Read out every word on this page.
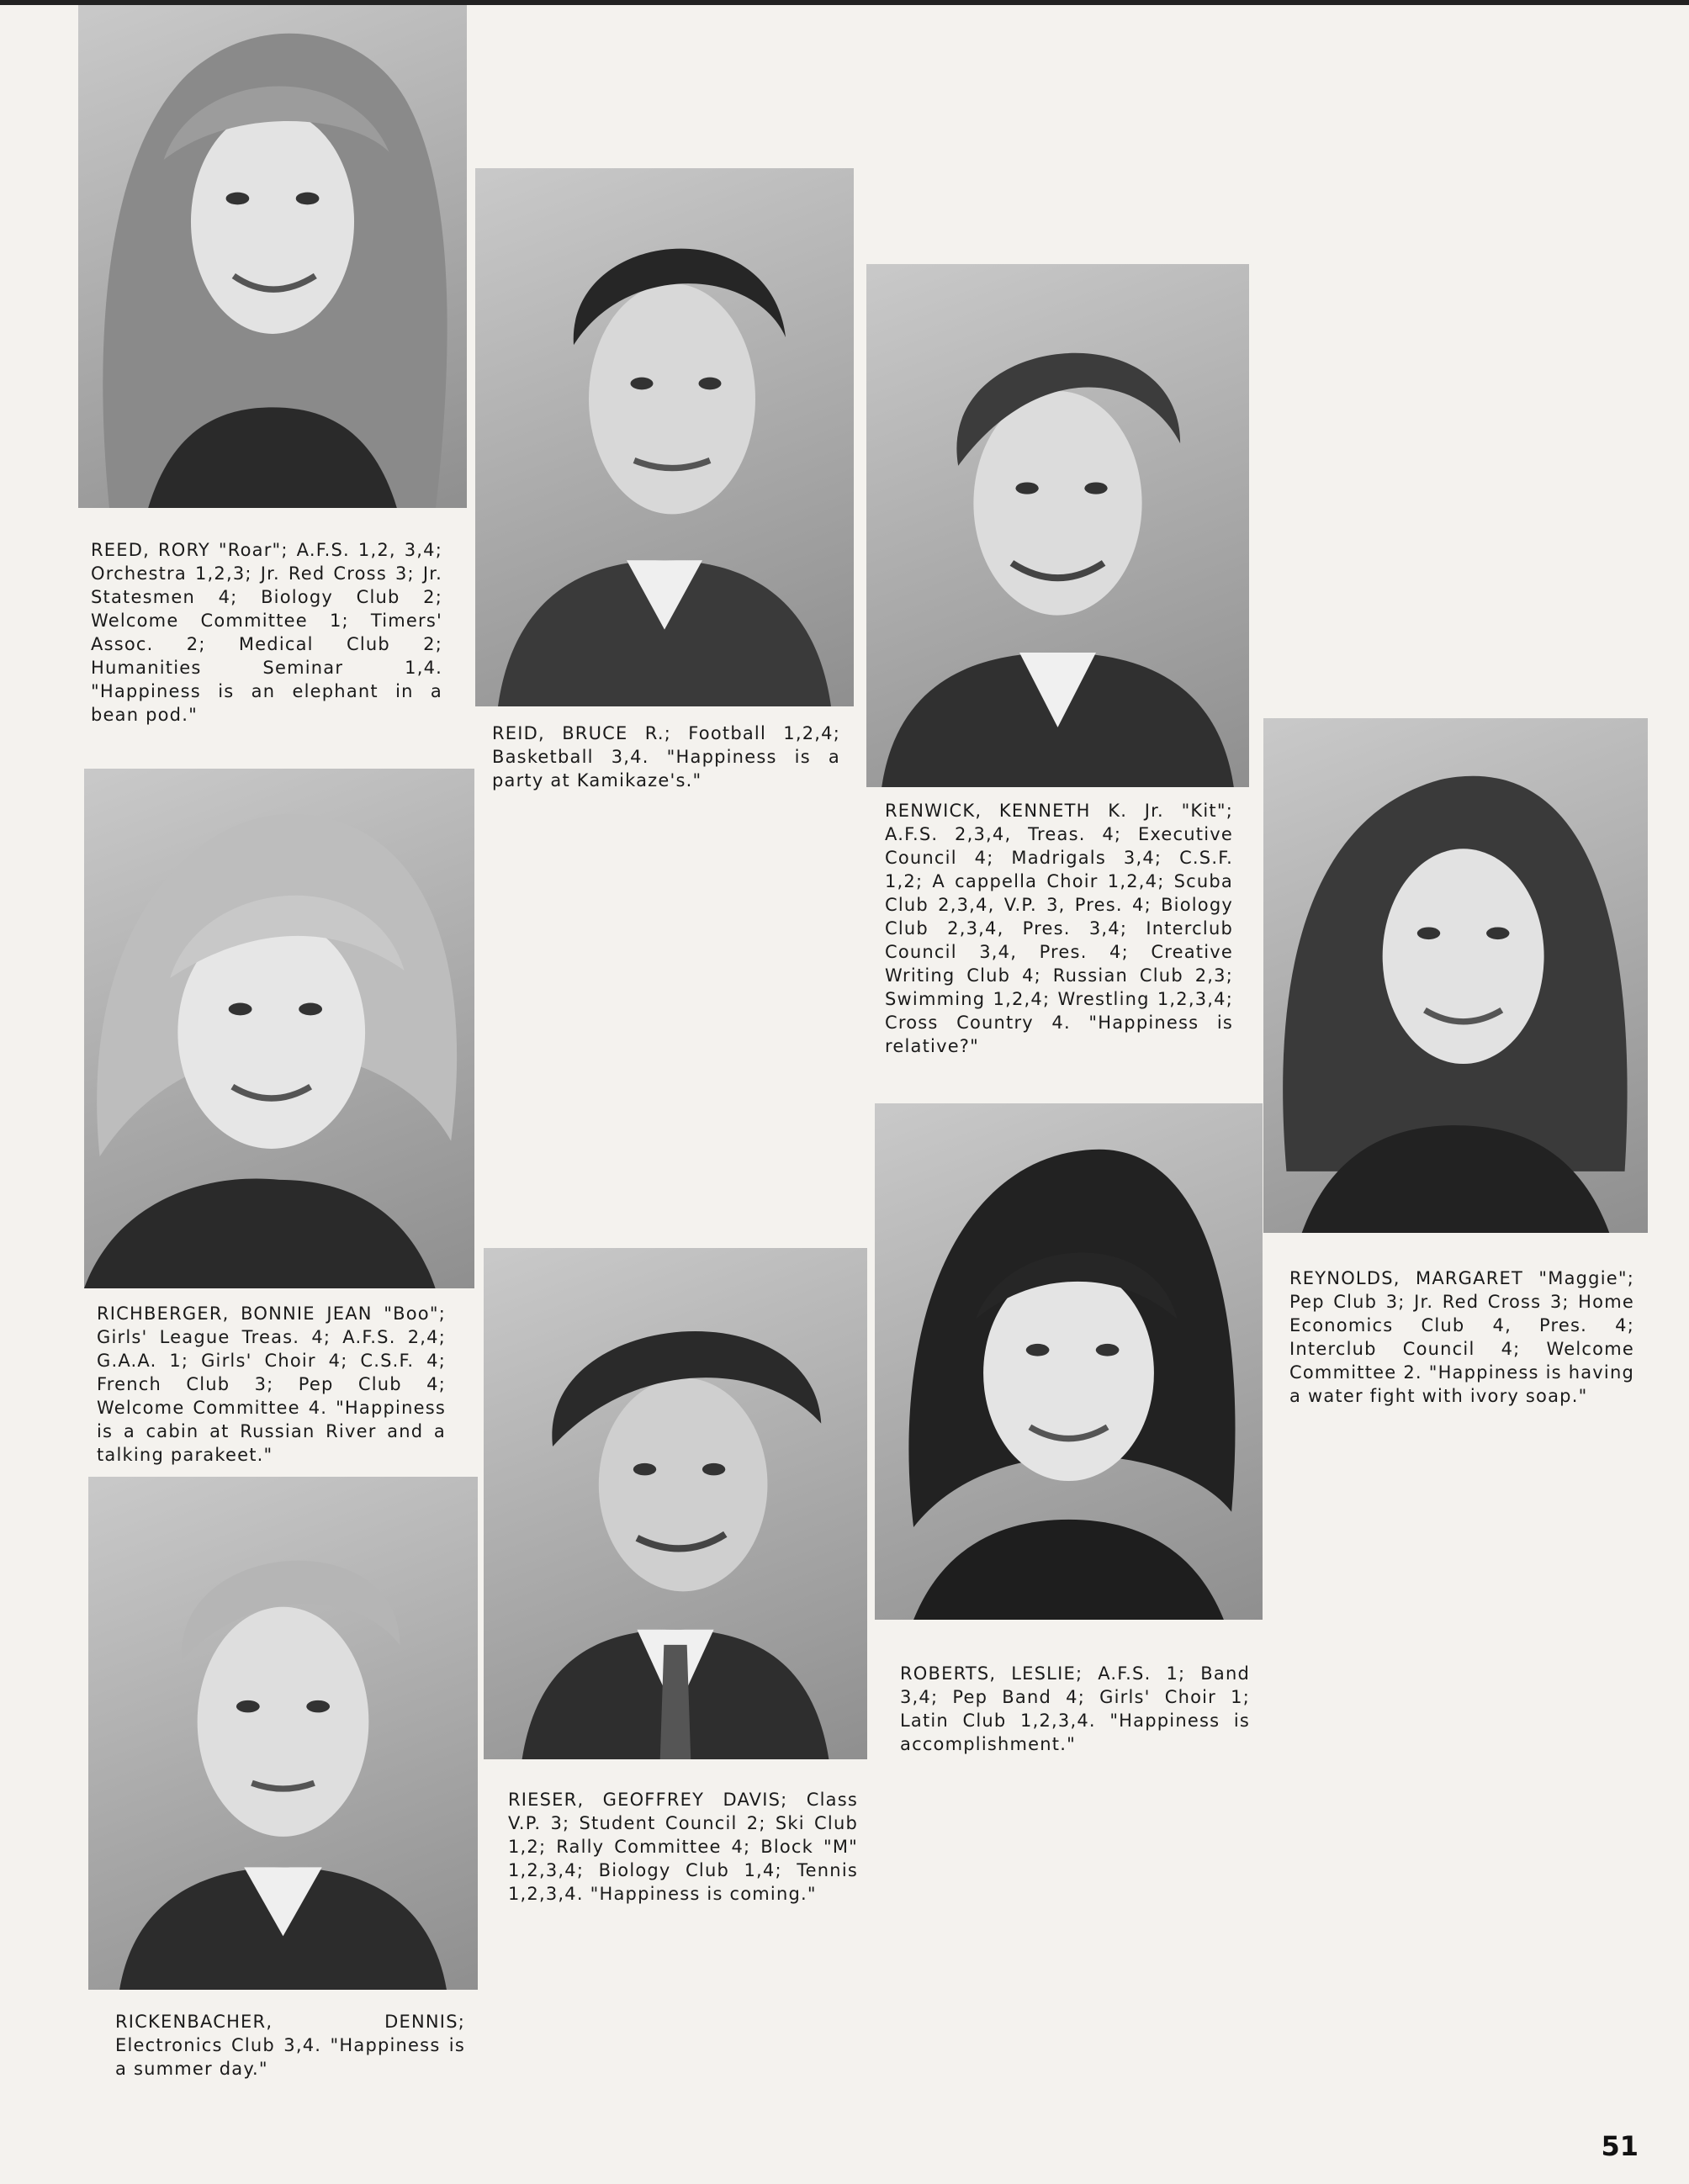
REED, RORY "Roar"; A.F.S. 1,2, 3,4; Orchestra 1,2,3; Jr. Red Cross 3; Jr. Statesmen 4; Biology Club 2; Welcome Committee 1; Timers' Assoc. 2; Medical Club 2; Humanities Seminar 1,4. "Happiness is an elephant in a bean pod."

REID, BRUCE R.; Football 1,2,4; Basketball 3,4. "Happiness is a party at Kamikaze's."

RENWICK, KENNETH K. Jr. "Kit"; A.F.S. 2,3,4, Treas. 4; Executive Council 4; Madrigals 3,4; C.S.F. 1,2; A cappella Choir 1,2,4; Scuba Club 2,3,4, V.P. 3, Pres. 4; Biology Club 2,3,4, Pres. 3,4; Interclub Council 3,4, Pres. 4; Creative Writing Club 4; Russian Club 2,3; Swimming 1,2,4; Wrestling 1,2,3,4; Cross Country 4. "Happiness is relative?"

REYNOLDS, MARGARET "Maggie"; Pep Club 3; Jr. Red Cross 3; Home Economics Club 4, Pres. 4; Interclub Council 4; Welcome Committee 2. "Happiness is having a water fight with ivory soap."

RICHBERGER, BONNIE JEAN "Boo"; Girls' League Treas. 4; A.F.S. 2,4; G.A.A. 1; Girls' Choir 4; C.S.F. 4; French Club 3; Pep Club 4; Welcome Committee 4. "Happiness is a cabin at Russian River and a talking parakeet."

RIESER, GEOFFREY DAVIS; Class V.P. 3; Student Council 2; Ski Club 1,2; Rally Committee 4; Block "M" 1,2,3,4; Biology Club 1,4; Tennis 1,2,3,4. "Happiness is coming."

ROBERTS, LESLIE; A.F.S. 1; Band 3,4; Pep Band 4; Girls' Choir 1; Latin Club 1,2,3,4. "Happiness is accomplishment."

RICKENBACHER, DENNIS; Electronics Club 3,4. "Happiness is a summer day."

51
